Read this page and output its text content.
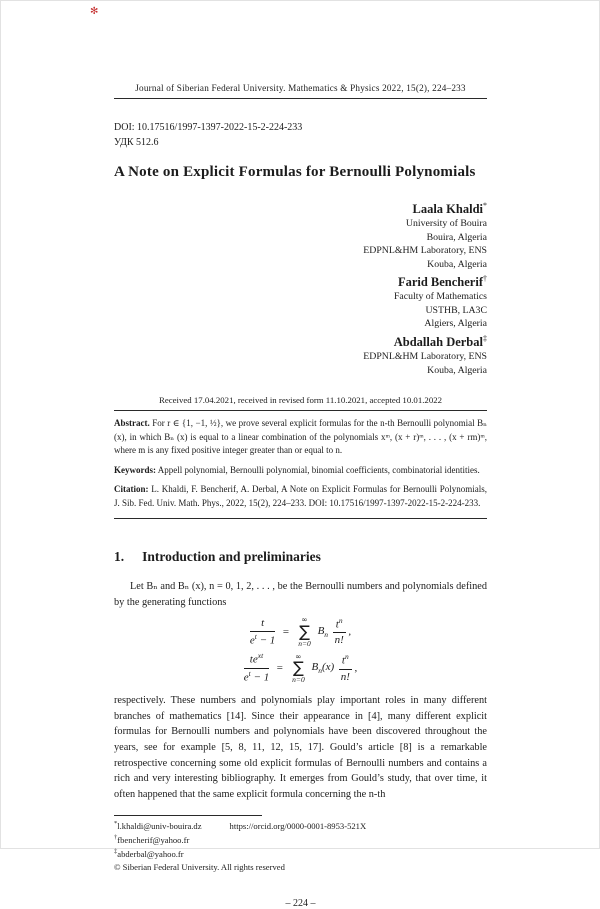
✻
Journal of Siberian Federal University. Mathematics & Physics 2022, 15(2), 224–233
DOI: 10.17516/1997-1397-2022-15-2-224-233
УДК 512.6
A Note on Explicit Formulas for Bernoulli Polynomials
Laala Khaldi*
University of Bouira
Bouira, Algeria
EDPNL&HM Laboratory, ENS
Kouba, Algeria
Farid Bencherif†
Faculty of Mathematics
USTHB, LA3C
Algiers, Algeria
Abdallah Derbal‡
EDPNL&HM Laboratory, ENS
Kouba, Algeria
Received 17.04.2021, received in revised form 11.10.2021, accepted 10.01.2022

Abstract. For r ∈ {1, −1, ½}, we prove several explicit formulas for the n-th Bernoulli polynomial Bₙ (x), in which Bₙ (x) is equal to a linear combination of the polynomials xᵐ, (x + r)ᵐ, . . . , (x + rm)ᵐ, where m is any fixed positive integer greater than or equal to n.

Keywords: Appell polynomial, Bernoulli polynomial, binomial coefficients, combinatorial identities.

Citation: L. Khaldi, F. Bencherif, A. Derbal, A Note on Explicit Formulas for Bernoulli Polynomials, J. Sib. Fed. Univ. Math. Phys., 2022, 15(2), 224–233. DOI: 10.17516/1997-1397-2022-15-2-224-233.

1. Introduction and preliminaries

Let Bₙ and Bₙ (x), n = 0, 1, 2, . . . , be the Bernoulli numbers and polynomials defined by the generating functions

$\frac{t}{e^t - 1}$ =
∞
∑
n=0
$B_n \frac{t^n}{n!}$ ,
$\frac{te^{xt}}{e^t - 1}$ =
∞
∑
n=0
$B_n(x) \frac{t^n}{n!}$ ,

respectively. These numbers and polynomials play important roles in many different branches of mathematics [14]. Since their appearance in [4], many different explicit formulas for Bernoulli numbers and polynomials have been discovered throughout the years, see for example [5, 8, 11, 12, 15, 17]. Gould’s article [8] is a remarkable retrospective concerning some old explicit formulas of Bernoulli numbers and contains a rich and very interesting bibliography. It emerges from Gould’s study, that over time, it often happened that the same explicit formula concerning the n-th

*l.khaldi@univ-bouira.dz	https://orcid.org/0000-0001-8953-521X
†fbencherif@yahoo.fr
‡abderbal@yahoo.fr
© Siberian Federal University. All rights reserved
– 224 –
